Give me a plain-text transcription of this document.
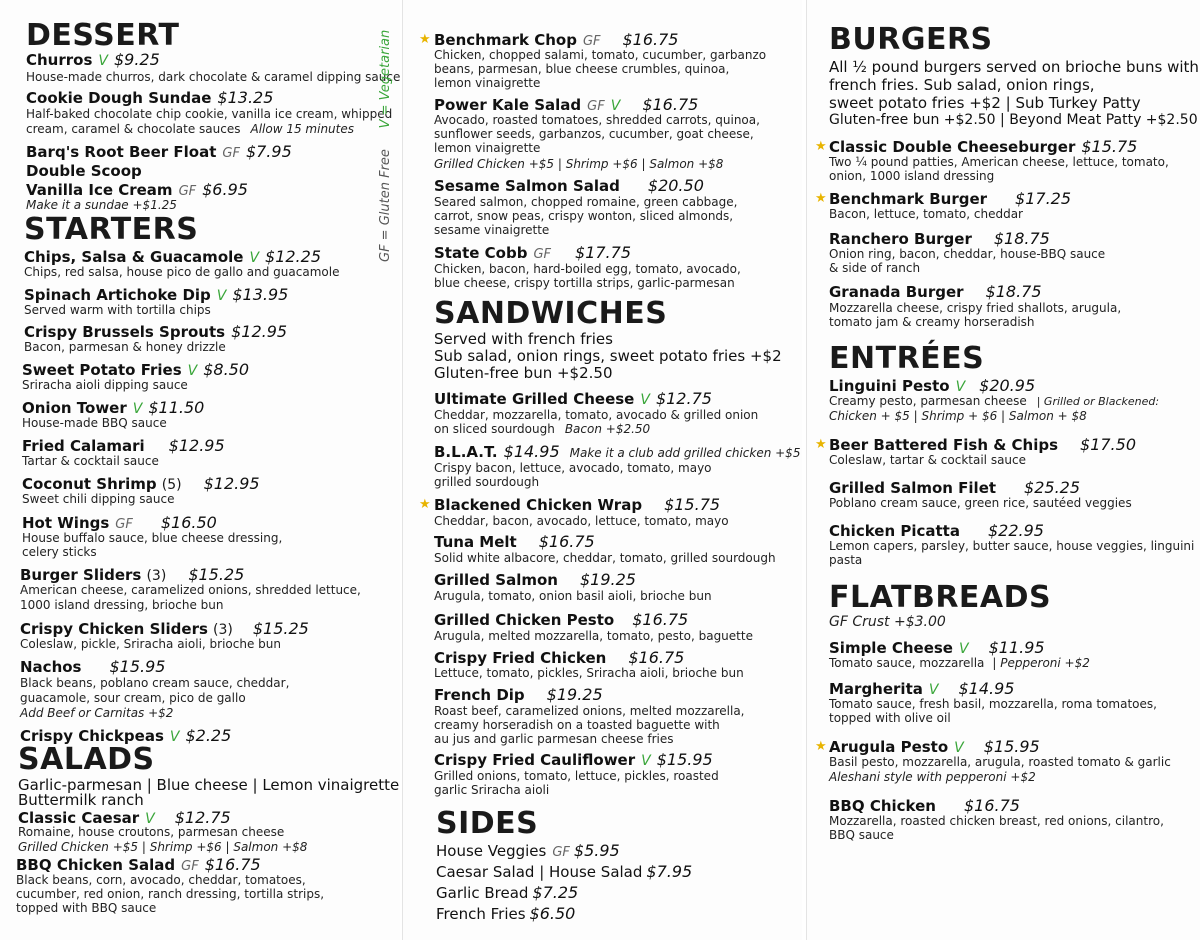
DESSERT
Churros V $9.25
House-made churros, dark chocolate & caramel dipping sauce
Cookie Dough Sundae $13.25
Half-baked chocolate chip cookie, vanilla ice cream, whipped
cream, caramel & chocolate sauces Allow 15 minutes
Barq's Root Beer Float GF $7.95
Double Scoop
Vanilla Ice Cream GF $6.95
Make it a sundae +$1.25
STARTERS
Chips, Salsa & Guacamole V $12.25
Chips, red salsa, house pico de gallo and guacamole
Spinach Artichoke Dip V $13.95
Served warm with tortilla chips
Crispy Brussels Sprouts $12.95
Bacon, parmesan & honey drizzle
Sweet Potato Fries V $8.50
Sriracha aioli dipping sauce
Onion Tower V $11.50
House-made BBQ sauce
Fried Calamari $12.95
Tartar & cocktail sauce
Coconut Shrimp (5) $12.95
Sweet chili dipping sauce
Hot Wings GF $16.50
House buffalo sauce, blue cheese dressing,
celery sticks
Burger Sliders (3) $15.25
American cheese, caramelized onions, shredded lettuce,
1000 island dressing, brioche bun
Crispy Chicken Sliders (3) $15.25
Coleslaw, pickle, Sriracha aioli, brioche bun
Nachos $15.95
Black beans, poblano cream sauce, cheddar,
guacamole, sour cream, pico de gallo
Add Beef or Carnitas +$2
Crispy Chickpeas V $2.25
SALADS
Garlic-parmesan | Blue cheese | Lemon vinaigrette
Buttermilk ranch
Classic Caesar V $12.75
Romaine, house croutons, parmesan cheese
Grilled Chicken +$5 | Shrimp +$6 | Salmon +$8
BBQ Chicken Salad GF $16.75
Black beans, corn, avocado, cheddar, tomatoes,
cucumber, red onion, ranch dressing, tortilla strips,
topped with BBQ sauce
GF = Gluten Free     V = Vegetarian ★ Benchmark Chop GF $16.75
Chicken, chopped salami, tomato, cucumber, garbanzo
beans, parmesan, blue cheese crumbles, quinoa,
lemon vinaigrette
Power Kale Salad GF V $16.75
Avocado, roasted tomatoes, shredded carrots, quinoa,
sunflower seeds, garbanzos, cucumber, goat cheese,
lemon vinaigrette
Grilled Chicken +$5 | Shrimp +$6 | Salmon +$8
Sesame Salmon Salad $20.50
Seared salmon, chopped romaine, green cabbage,
carrot, snow peas, crispy wonton, sliced almonds,
sesame vinaigrette
State Cobb GF $17.75
Chicken, bacon, hard-boiled egg, tomato, avocado,
blue cheese, crispy tortilla strips, garlic-parmesan
SANDWICHES
Served with french fries
Sub salad, onion rings, sweet potato fries +$2
Gluten-free bun +$2.50
Ultimate Grilled Cheese V $12.75
Cheddar, mozzarella, tomato, avocado & grilled onion
on sliced sourdough Bacon +$2.50
B.L.A.T. $14.95 Make it a club add grilled chicken +$5
Crispy bacon, lettuce, avocado, tomato, mayo
grilled sourdough
★ Blackened Chicken Wrap $15.75
Cheddar, bacon, avocado, lettuce, tomato, mayo
Tuna Melt $16.75
Solid white albacore, cheddar, tomato, grilled sourdough
Grilled Salmon $19.25
Arugula, tomato, onion basil aioli, brioche bun
Grilled Chicken Pesto $16.75
Arugula, melted mozzarella, tomato, pesto, baguette
Crispy Fried Chicken $16.75
Lettuce, tomato, pickles, Sriracha aioli, brioche bun
French Dip $19.25
Roast beef, caramelized onions, melted mozzarella,
creamy horseradish on a toasted baguette with
au jus and garlic parmesan cheese fries
Crispy Fried Cauliflower V $15.95
Grilled onions, tomato, lettuce, pickles, roasted
garlic Sriracha aioli
SIDES
House Veggies GF $5.95
Caesar Salad | House Salad $7.95
Garlic Bread $7.25
French Fries $6.50
BURGERS
All ½ pound burgers served on brioche buns with
french fries. Sub salad, onion rings,
sweet potato fries +$2 | Sub Turkey Patty
Gluten-free bun +$2.50 | Beyond Meat Patty +$2.50
★ Classic Double Cheeseburger $15.75
Two ¼ pound patties, American cheese, lettuce, tomato,
onion, 1000 island dressing
★ Benchmark Burger $17.25
Bacon, lettuce, tomato, cheddar
Ranchero Burger $18.75
Onion ring, bacon, cheddar, house-BBQ sauce
& side of ranch
Granada Burger $18.75
Mozzarella cheese, crispy fried shallots, arugula,
tomato jam & creamy horseradish
ENTRÉES
Linguini Pesto V $20.95
Creamy pesto, parmesan cheese | Grilled or Blackened:
Chicken + $5 | Shrimp + $6 | Salmon + $8
★ Beer Battered Fish & Chips $17.50
Coleslaw, tartar & cocktail sauce
Grilled Salmon Filet $25.25
Poblano cream sauce, green rice, sautéed veggies
Chicken Picatta $22.95
Lemon capers, parsley, butter sauce, house veggies, linguini
pasta
FLATBREADS
GF Crust +$3.00
Simple Cheese V $11.95
Tomato sauce, mozzarella | Pepperoni +$2
Margherita V $14.95
Tomato sauce, fresh basil, mozzarella, roma tomatoes,
topped with olive oil
★ Arugula Pesto V $15.95
Basil pesto, mozzarella, arugula, roasted tomato & garlic
Aleshani style with pepperoni +$2
BBQ Chicken $16.75
Mozzarella, roasted chicken breast, red onions, cilantro,
BBQ sauce
